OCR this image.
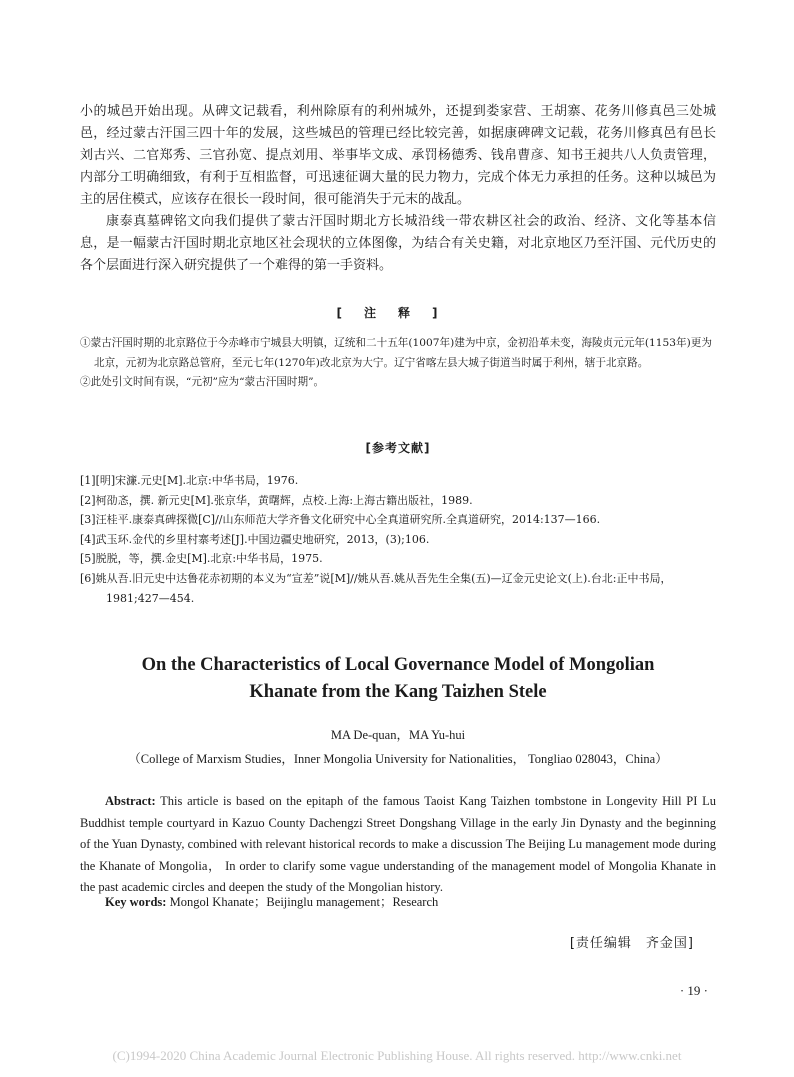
小的城邑开始出现。从碑文记载看，利州除原有的利州城外，还提到娄家营、王胡寨、花务川修真邑三处城邑，经过蒙古汗国三四十年的发展，这些城邑的管理已经比较完善，如据康碑碑文记载，花务川修真邑有邑长刘古兴、二官郑秀、三官孙宽、提点刘用、举事毕文成、承罚杨德秀、钱帛曹彦、知书王昶共八人负责管理，内部分工明确细致，有利于互相监督，可迅速征调大量的民力物力，完成个体无力承担的任务。这种以城邑为主的居住模式，应该存在很长一段时间，很可能消失于元末的战乱。

康泰真墓碑铭文向我们提供了蒙古汗国时期北方长城沿线一带农耕区社会的政治、经济、文化等基本信息，是一幅蒙古汗国时期北京地区社会现状的立体图像，为结合有关史籍，对北京地区乃至汗国、元代历史的各个层面进行深入研究提供了一个难得的第一手资料。

[注释]

①蒙古汗国时期的北京路位于今赤峰市宁城县大明镇，辽统和二十五年(1007年)建为中京，金初沿革未变，海陵贞元元年(1153年)更为北京，元初为北京路总管府，至元七年(1270年)改北京为大宁。辽宁省喀左县大城子街道当时属于利州，辖于北京路。

②此处引文时间有误，“元初”应为“蒙古汗国时期”。

[参考文献]

[1][明]宋濂.元史[M].北京:中华书局，1976.

[2]柯劭忞，撰. 新元史[M].张京华，黄曙辉，点校.上海:上海古籍出版社，1989.

[3]汪桂平.康泰真碑探微[C]//山东师范大学齐鲁文化研究中心全真道研究所.全真道研究，2014:137—166.

[4]武玉环.金代的乡里村寨考述[J].中国边疆史地研究，2013，(3);106.

[5]脱脱，等，撰.金史[M].北京:中华书局，1975.

[6]姚从吾.旧元史中达鲁花赤初期的本义为“宣差”说[M]//姚从吾.姚从吾先生全集(五)—辽金元史论文(上).台北:正中书局，1981;427—454.

On the Characteristics of Local Governance Model of Mongolian
Khanate from the Kang Taizhen Stele
MA De-quan，MA Yu-hui
（College of Marxism Studies，Inner Mongolia University for Nationalities， Tongliao 028043，China）
Abstract: This article is based on the epitaph of the famous Taoist Kang Taizhen tombstone in Longevity Hill PI Lu Buddhist temple courtyard in Kazuo County Dachengzi Street Dongshang Village in the early Jin Dynasty and the beginning of the Yuan Dynasty, combined with relevant historical records to make a discussion The Beijing Lu management mode during the Khanate of Mongolia， In order to clarify some vague understanding of the management model of Mongolia Khanate in the past academic circles and deepen the study of the Mongolian history.
Key words: Mongol Khanate；Beijinglu management；Research
[责任编辑　齐金国]
· 19 ·
(C)1994-2020 China Academic Journal Electronic Publishing House. All rights reserved. http://www.cnki.net
